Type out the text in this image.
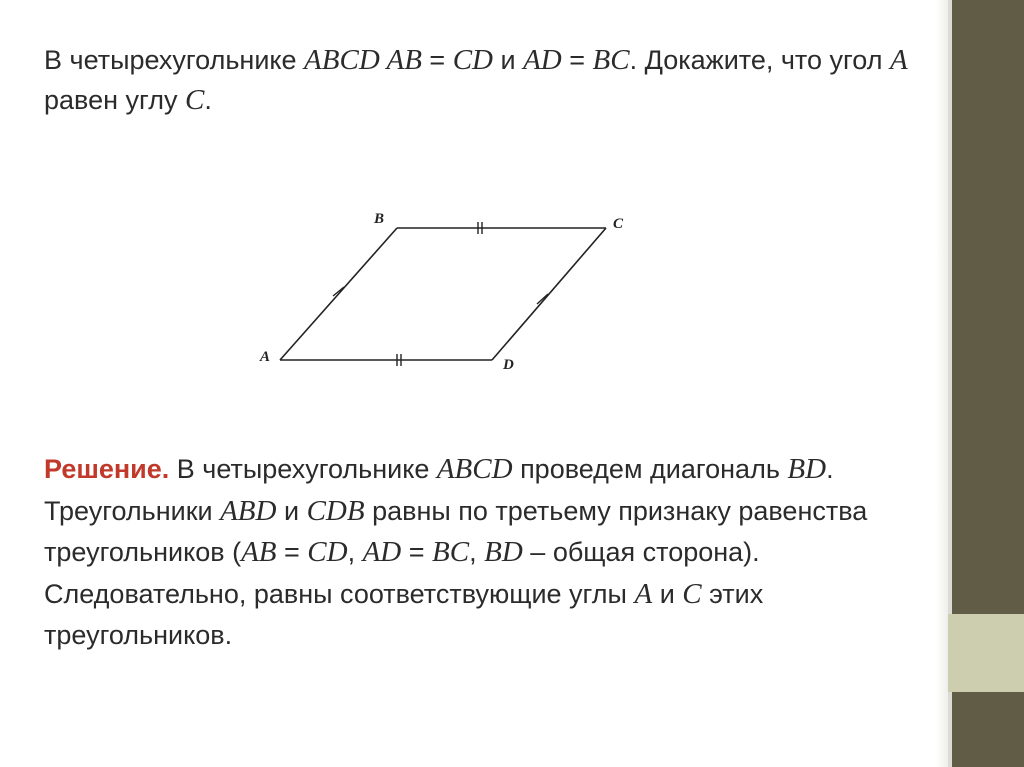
В четырехугольнике ABCD AB = CD и AD = BC. Докажите, что угол A равен углу C.
A
B	C
D
Решение. В четырехугольнике ABCD проведем диагональ BD. Треугольники ABD и CDB равны по третьему признаку равенства треугольников (AB = CD, AD = BC, BD – общая сторона). Следовательно, равны соответствующие углы A и C этих треугольников.
